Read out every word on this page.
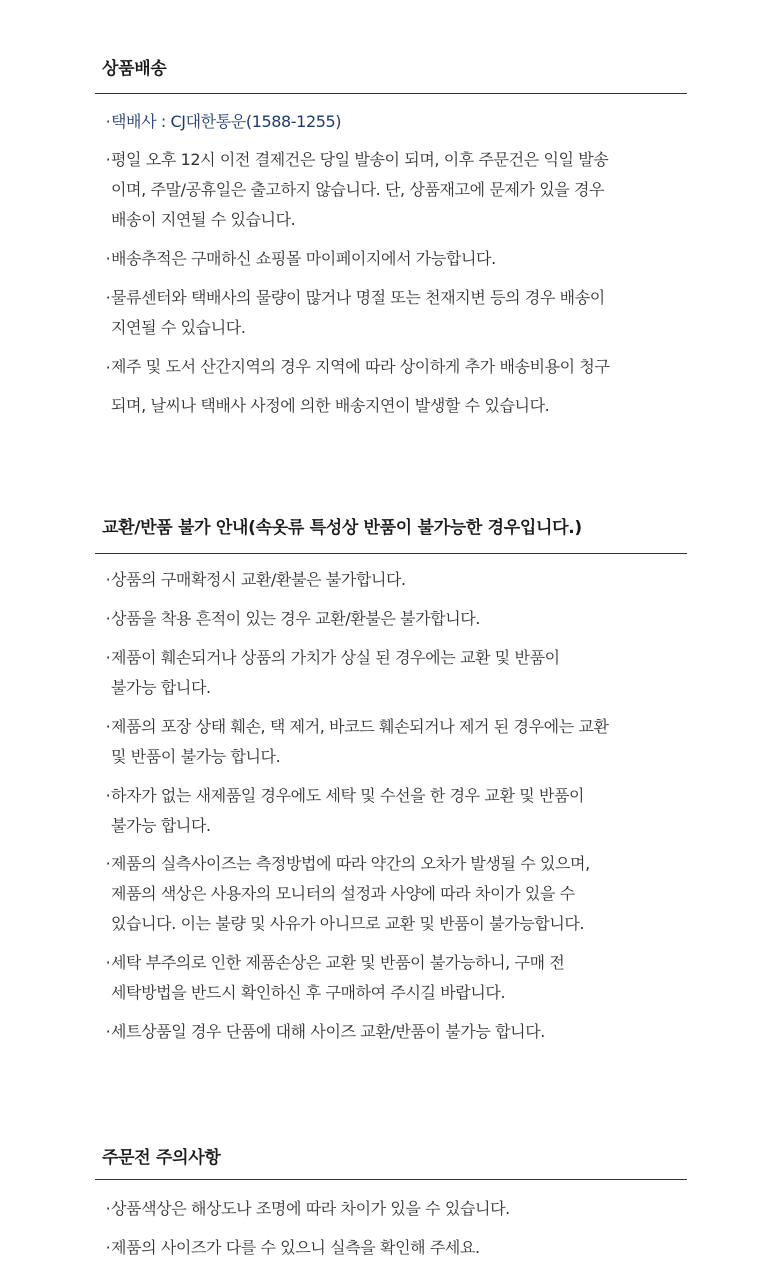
상품배송
· 택배사 : CJ대한통운(1588-1255)
· 평일 오후 12시 이전 결제건은 당일 발송이 되며, 이후 주문건은 익일 발송
이며, 주말/공휴일은 출고하지 않습니다. 단, 상품재고에 문제가 있을 경우
배송이 지연될 수 있습니다.
· 배송추적은 구매하신 쇼핑몰 마이페이지에서 가능합니다.
· 물류센터와 택배사의 물량이 많거나 명절 또는 천재지변 등의 경우 배송이
지연될 수 있습니다.
· 제주 및 도서 산간지역의 경우 지역에 따라 상이하게 추가 배송비용이 청구
되며, 날씨나 택배사 사정에 의한 배송지연이 발생할 수 있습니다.
교환/반품 불가 안내(속옷류 특성상 반품이 불가능한 경우입니다.)
· 상품의 구매확정시 교환/환불은 불가합니다.
· 상품을 착용 흔적이 있는 경우 교환/환불은 불가합니다.
· 제품이 훼손되거나 상품의 가치가 상실 된 경우에는 교환 및 반품이
불가능 합니다.
· 제품의 포장 상태 훼손, 택 제거, 바코드 훼손되거나 제거 된 경우에는 교환
및 반품이 불가능 합니다.
· 하자가 없는 새제품일 경우에도 세탁 및 수선을 한 경우 교환 및 반품이
불가능 합니다.
· 제품의 실측사이즈는 측정방법에 따라 약간의 오차가 발생될 수 있으며,
제품의 색상은 사용자의 모니터의 설정과 사양에 따라 차이가 있을 수
있습니다. 이는 불량 및 사유가 아니므로 교환 및 반품이 불가능합니다.
· 세탁 부주의로 인한 제품손상은 교환 및 반품이 불가능하니, 구매 전
세탁방법을 반드시 확인하신 후 구매하여 주시길 바랍니다.
· 세트상품일 경우 단품에 대해 사이즈 교환/반품이 불가능 합니다.
주문전 주의사항
· 상품색상은 해상도나 조명에 따라 차이가 있을 수 있습니다.
· 제품의 사이즈가 다를 수 있으니 실측을 확인해 주세요.
